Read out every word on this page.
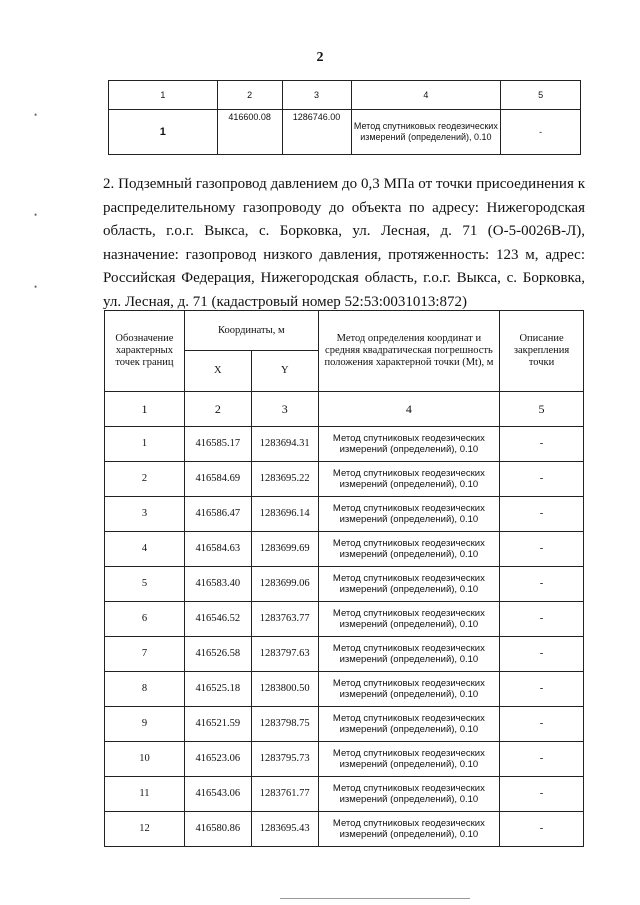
2
•
•
•
1	2	3	4	5
1	416600.08	1286746.00	Метод спутниковых геодезических измерений (определений), 0.10	-
2. Подземный газопровод давлением до 0,3 МПа от точки присоединения к распределительному газопроводу до объекта по адресу: Нижегородская область, г.о.г. Выкса, с. Борковка, ул. Лесная, д. 71 (О-5-0026В-Л), назначение: газопровод низкого давления, протяженность: 123 м, адрес: Российская Федерация, Нижегородская область, г.о.г. Выкса, с. Борковка, ул. Лесная, д. 71 (кадастровый номер 52:53:0031013:872)
Обозначение характерных точек границ	Координаты, м		Метод определения координат и средняя квадратическая погрешность положения характерной точки (Mt), м	Описание закрепления точки
	X	Y		
1	2	3	4	5
1	416585.17	1283694.31	Метод спутниковых геодезических измерений (определений), 0.10	-
2	416584.69	1283695.22	Метод спутниковых геодезических измерений (определений), 0.10	-
3	416586.47	1283696.14	Метод спутниковых геодезических измерений (определений), 0.10	-
4	416584.63	1283699.69	Метод спутниковых геодезических измерений (определений), 0.10	-
5	416583.40	1283699.06	Метод спутниковых геодезических измерений (определений), 0.10	-
6	416546.52	1283763.77	Метод спутниковых геодезических измерений (определений), 0.10	-
7	416526.58	1283797.63	Метод спутниковых геодезических измерений (определений), 0.10	-
8	416525.18	1283800.50	Метод спутниковых геодезических измерений (определений), 0.10	-
9	416521.59	1283798.75	Метод спутниковых геодезических измерений (определений), 0.10	-
10	416523.06	1283795.73	Метод спутниковых геодезических измерений (определений), 0.10	-
11	416543.06	1283761.77	Метод спутниковых геодезических измерений (определений), 0.10	-
12	416580.86	1283695.43	Метод спутниковых геодезических измерений (определений), 0.10	-
